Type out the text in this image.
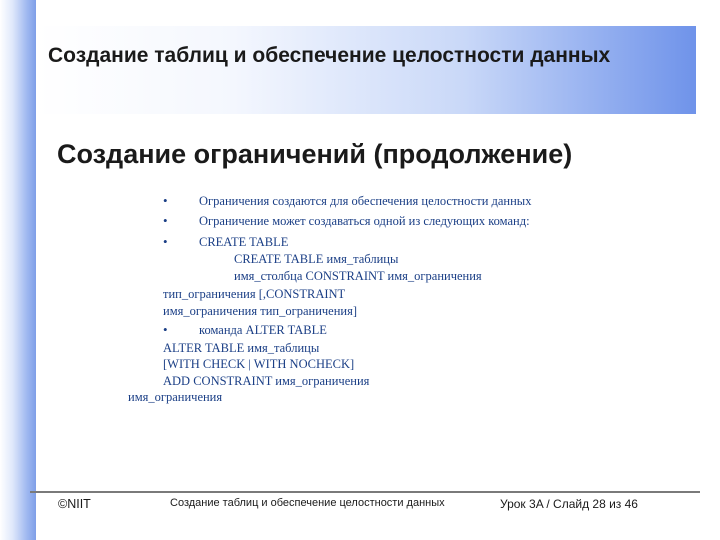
Создание таблиц и обеспечение целостности данных
Создание ограничений (продолжение)
•	Ограничения создаются для обеспечения целостности данных
•	Ограничение может создаваться одной из следующих команд:
•	CREATE TABLE
CREATE TABLE имя_таблицы
имя_столбца CONSTRAINT имя_ограничения
тип_ограничения [,CONSTRAINT
имя_ограничения тип_ограничения]
•	команда ALTER TABLE
ALTER TABLE имя_таблицы
[WITH CHECK | WITH NOCHECK]
ADD CONSTRAINT имя_ограничения
имя_ограничения
©NIIT	Создание таблиц и обеспечение целостности данных	Урок 3A / Слайд 28 из 46
